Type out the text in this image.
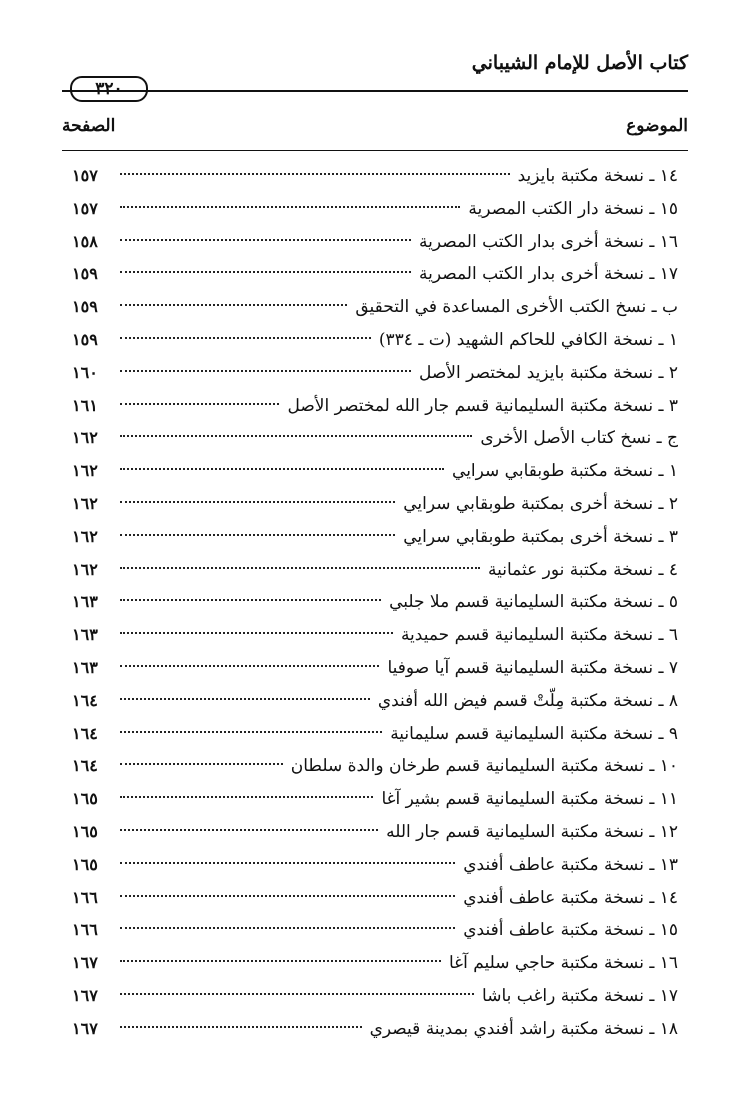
كتاب الأصل للإمام الشيباني
٣٢٠
الموضوع
الصفحة
١٤ ـ نسخة مكتبة بايزيد
١٥٧
١٥ ـ نسخة دار الكتب المصرية
١٥٧
١٦ ـ نسخة أخرى بدار الكتب المصرية
١٥٨
١٧ ـ نسخة أخرى بدار الكتب المصرية
١٥٩
ب ـ نسخ الكتب الأخرى المساعدة في التحقيق
١٥٩
١ ـ نسخة الكافي للحاكم الشهيد (ت ـ ٣٣٤)
١٥٩
٢ ـ نسخة مكتبة بايزيد لمختصر الأصل
١٦٠
٣ ـ نسخة مكتبة السليمانية قسم جار الله لمختصر الأصل
١٦١
ج ـ نسخ كتاب الأصل الأخرى
١٦٢
١ ـ نسخة مكتبة طوبقابي سرايي
١٦٢
٢ ـ نسخة أخرى بمكتبة طوبقابي سرايي
١٦٢
٣ ـ نسخة أخرى بمكتبة طوبقابي سرايي
١٦٢
٤ ـ نسخة مكتبة نور عثمانية
١٦٢
٥ ـ نسخة مكتبة السليمانية قسم ملا جلبي
١٦٣
٦ ـ نسخة مكتبة السليمانية قسم حميدية
١٦٣
٧ ـ نسخة مكتبة السليمانية قسم آيا صوفيا
١٦٣
٨ ـ نسخة مكتبة مِلّتْ قسم فيض الله أفندي
١٦٤
٩ ـ نسخة مكتبة السليمانية قسم سليمانية
١٦٤
١٠ ـ نسخة مكتبة السليمانية قسم طرخان والدة سلطان
١٦٤
١١ ـ نسخة مكتبة السليمانية قسم بشير آغا
١٦٥
١٢ ـ نسخة مكتبة السليمانية قسم جار الله
١٦٥
١٣ ـ نسخة مكتبة عاطف أفندي
١٦٥
١٤ ـ نسخة مكتبة عاطف أفندي
١٦٦
١٥ ـ نسخة مكتبة عاطف أفندي
١٦٦
١٦ ـ نسخة مكتبة حاجي سليم آغا
١٦٧
١٧ ـ نسخة مكتبة راغب باشا
١٦٧
١٨ ـ نسخة مكتبة راشد أفندي بمدينة قيصري
١٦٧
